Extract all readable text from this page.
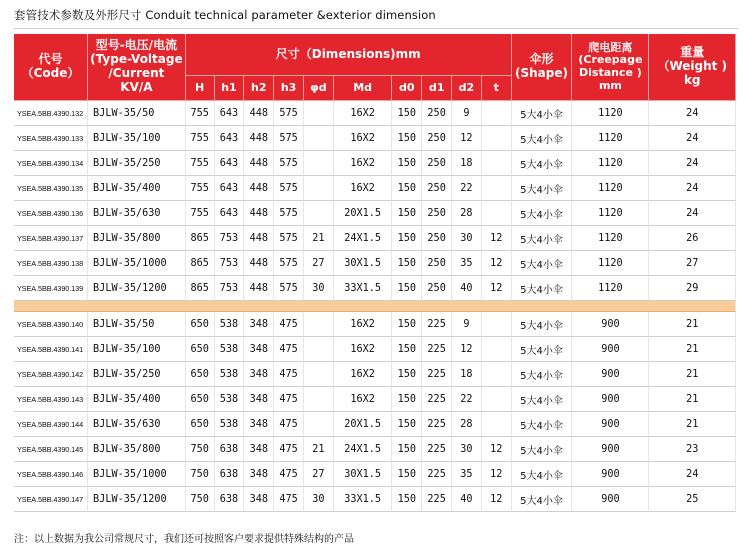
套管技术参数及外形尺寸 Conduit technical parameter &exterior dimension
代号
（Code）	型号-电压/电流
(Type-Voltage
/Current
KV/A	尺寸（Dimensions)mm										伞形
(Shape)	爬电距离
(Creepage
Distance )
mm	重量
（Weight )
kg
		H	h1	h2	h3	φd	Md	d0	d1	d2	t			
YSEA.5BB.4390.132	BJLW-35/50	755	643	448	575		16X2	150	250	9		5大4小伞	1120	24
YSEA.5BB.4390.133	BJLW-35/100	755	643	448	575		16X2	150	250	12		5大4小伞	1120	24
YSEA.5BB.4390.134	BJLW-35/250	755	643	448	575		16X2	150	250	18		5大4小伞	1120	24
YSEA.5BB.4390.135	BJLW-35/400	755	643	448	575		16X2	150	250	22		5大4小伞	1120	24
YSEA.5BB.4390.136	BJLW-35/630	755	643	448	575		20X1.5	150	250	28		5大4小伞	1120	24
YSEA.5BB.4390.137	BJLW-35/800	865	753	448	575	21	24X1.5	150	250	30	12	5大4小伞	1120	26
YSEA.5BB.4390.138	BJLW-35/1000	865	753	448	575	27	30X1.5	150	250	35	12	5大4小伞	1120	27
YSEA.5BB.4390.139	BJLW-35/1200	865	753	448	575	30	33X1.5	150	250	40	12	5大4小伞	1120	29

YSEA.5BB.4390.140	BJLW-35/50	650	538	348	475		16X2	150	225	9		5大4小伞	900	21
YSEA.5BB.4390.141	BJLW-35/100	650	538	348	475		16X2	150	225	12		5大4小伞	900	21
YSEA.5BB.4390.142	BJLW-35/250	650	538	348	475		16X2	150	225	18		5大4小伞	900	21
YSEA.5BB.4390.143	BJLW-35/400	650	538	348	475		16X2	150	225	22		5大4小伞	900	21
YSEA.5BB.4390.144	BJLW-35/630	650	538	348	475		20X1.5	150	225	28		5大4小伞	900	21
YSEA.5BB.4390.145	BJLW-35/800	750	638	348	475	21	24X1.5	150	225	30	12	5大4小伞	900	23
YSEA.5BB.4390.146	BJLW-35/1000	750	638	348	475	27	30X1.5	150	225	35	12	5大4小伞	900	24
YSEA.5BB.4390.147	BJLW-35/1200	750	638	348	475	30	33X1.5	150	225	40	12	5大4小伞	900	25
注：以上数据为我公司常规尺寸，我们还可按照客户要求提供特殊结构的产品
